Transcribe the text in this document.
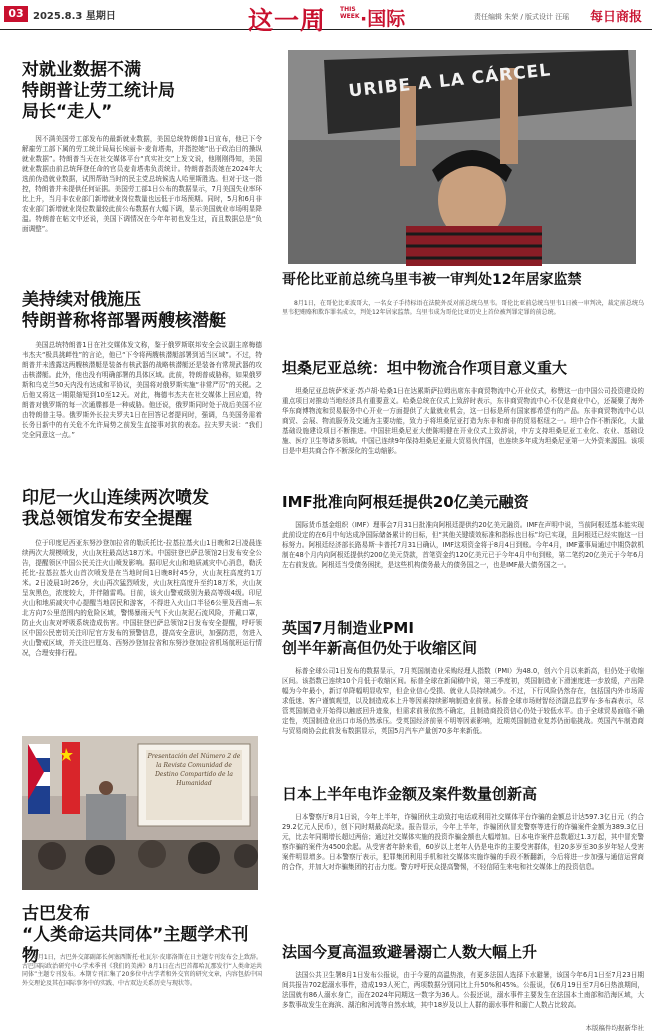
03 2025.8.3 星期日	这一周 THIS WEEK ·国际	责任编辑 朱荣 / 版式设计 汪瑶 每日商报
对就业数据不满
特朗普让劳工统计局
局长“走人”
因不满美国劳工部发布的最新就业数据，美国总统特朗普1日宣布，他已下令解雇劳工部下属的劳工统计局局长埃丽卡·麦肯塔弗，并指控她“出于政治目的操纵就业数据”。特朗普当天在社交媒体平台“真实社交”上发文说，他刚刚得知，美国就业数据由前总统拜登任命的官员麦肯塔弗负责统计。特朗普指责她在2024年大选前伪造就业数据，试图帮助当时的民主党总统候选人哈里斯胜选。但对于这一指控，特朗普并未提供任何证据。美国劳工部1日公布的数据显示，7月美国失业率环比上升，当月非农业部门新增就业岗位数量也远低于市场预期。同时，5月和6月非农业部门新增就业岗位数量较此前公布数据有大幅下调，显示美国就业市场明显降温。特朗普在帖文中还说，美国下调情况在今年年初也发生过，而且数据总是“负面调整”。
美持续对俄施压
特朗普称将部署两艘核潜艇
美国总统特朗普1日在社交媒体发文称，鉴于俄罗斯联邦安全会议副主席梅德韦杰夫“极具挑衅性”的言论，他已“下令将两艘核潜艇部署到适当区域”。不过，特朗普并未透露这两艘核潜艇是装备有核武器的战略核潜艇还是装备有常规武器的攻击核潜艇。此外，他也没有明确部署的具体区域。此前，特朗普威胁称，如果俄罗斯和乌克兰50天内没有达成和平协议，美国将对俄罗斯实施“非常严厉”的关税。之后他又将这一期限缩短到10至12天。对此，梅德韦杰夫在社交媒体上回应道，特朗普对俄罗斯的每一次通牒都是一种威胁。他还说，俄罗斯同时处于战后美国不应由特朗普主导。俄罗斯外长拉夫罗夫1日在回答记者提问时，强调，乌美国务需着长务日新中的有关危不允许局势之前发生直接事对抗的表态。拉夫罗夫说：“我们完全同意这一点。”
印尼一火山连续两次喷发
我总领馆发布安全提醒
位于印度尼西亚东努沙登加拉省的勒沃托比-拉基拉基火山1日晚和2日凌晨连续两次大规模喷发，火山灰柱最高达18万米。中国驻登巴萨总领馆2日发布安全公告，提醒领区中国公民关注火山喷发影响。据印尼火山和地质减灾中心消息，勒沃托比-拉基拉基火山首次喷发是在当地时间1日晚8时45分，火山灰柱高度约1万米。2日凌晨1时26分，火山再次猛烈喷发，火山灰柱高度升至约18万米，火山灰呈灰黑色，浓度较大，并伴随雷鸣。目前，该火山警戒级别为最高等级4级。印尼火山和地质减灾中心提醒当地居民和游客，不得进入火山口半径6公里及西南—东北方向7公里范围内的危险区域，警惕暴雨天气下火山灰泥石流风险，并戴口罩，防止火山灰对呼吸系统造成伤害。中国驻登巴萨总领馆2日发布安全提醒，呼吁领区中国公民密切关注印尼官方发布的预警信息，提高安全意识，加强防范，勿进入火山警戒区域，并关注巴厘岛、西努沙登加拉省和东努沙登加拉省机场航班运行情况，合理安排行程。
Presentación del Número 2 de la Revista Comunidad de Destino Compartido de la Humanidad
古巴发布
“人类命运共同体”主题学术刊物
8月1日，古巴外交部副部长何塞西斯托·杜瓦尔·皮耶洛斯在日主题专刊发布会上致辞。古巴国际政治研究中心学术季刊《我们的美洲》8月1日在古巴首都哈瓦那发行“人类命运共同体”主题专刊发布。本期专刊汇集了20多位中古学者和外交官的研究文章，内容包括中国外交理论及其在国际事务中的实践、中古双边关系历史与现状等。
URIBE A LA CÁRCEL
哥伦比亚前总统乌里韦被一审判处12年居家监禁
8月1日，在哥伦比亚波哥大，一名女子手持标语在法院外反对前总统乌里韦。哥伦比亚前总统乌里韦1日被一审判决，裁定前总统乌里韦犯贿赂和欺诈罪名成立，判处12年居家监禁。乌里韦成为哥伦比亚历史上首位被判罪定罪的前总统。
坦桑尼亚总统：坦中物流合作项目意义重大
坦桑尼亚总统萨米亚·苏卢胡·哈桑1日在达累斯萨拉姆出席东非商贸物流中心开业仪式，称赞这一由中国公司投资建设的重点项目对推动当地经济具有重要意义。哈桑总统在仪式上致辞时表示，东非商贸物流中心不仅是商业中心，还凝聚了海外华东商博物流和贸易服务中心开业一方面提供了大量就业机会，这一目标是所有国家都希望有的产品。东非商贸物流中心以商贸、会展、物流服务及交通为主要功能，致力于将坦桑尼亚打造为东非和南非的贸易枢纽之一。坦中合作不断深化，大量基础设施建设项目不断推进。中国驻坦桑尼亚大使陈明健在开业仪式上致辞说，中方支持坦桑尼亚工业化、农业、基础设施、医疗卫生等诸多领域。中国已连续9年保持坦桑尼亚最大贸易伙伴国，也连续多年成为坦桑尼亚第一大外资来源国。该项目是中坦共商合作不断深化的生动缩影。
IMF批准向阿根廷提供20亿美元融资
国际货币基金组织（IMF）理事会7月31日批准向阿根廷提供约20亿美元融资。IMF在声明中说，当前阿根廷基本能实现此前设定的在6月中旬达成净国际储备累计的目标，但“其他关键绩效标准和指标也目标”均已实现，且阿根廷已经实施这一目标努力。阿根廷经济部长路易斯·卡普托7月31日确认，IMF这项资金将于8月4日到账。今年4月，IMF董事局通过中期贷款机制在48个月内向阿根廷提供约200亿美元贷款，首笔资金约120亿美元已于今年4月中旬到账，第二笔约20亿美元于今年6月左右前发放。阿根廷当受债务困扰，是这些机构债务最大的债务国之一，也是IMF最大债务国之一。
英国7月制造业PMI
创半年新高但仍处于收缩区间
标普全球公司1日发布的数据显示，7月英国制造业采购经理人指数（PMI）为48.0，创六个月以来新高，但仍处于收缩区间。该指数已连续10个月低于收缩区间。标普全球在新闻稿中说，第三季度初，英国制造业下滑速度进一步放缓，产出降幅为今年最小，新订单降幅明显收窄，但企业信心受损、就业人员持续减少。不过，下行风险仍然存在，包括国内外市场需求低迷、客户谨慎观望，以及制造成本上升等因素持续影响制造业前景。标普全球市场财智经济副总监罗布·多布森表示，尽管英国制造业开始得以触底回升迹象，但需求前景依然不确定，且制造商投资信心仍处于较低水平。由于全球贸易面临不确定性，英国制造业出口市场仍然承压。受英国经济前景不明等因素影响，近期英国制造业复苏仍面临挑战。英国汽车制造商与贸易商协会此前发布数据显示，英国5月汽车产量创70多年来新低。
日本上半年电诈金额及案件数量创新高
日本警察厅8月1日说，今年上半年，诈骗团伙主动致打电话或利用社交媒体平台诈骗的金额总计达597.3亿日元（约合29.2亿元人民币），创下同时期最高纪录。报告显示，今年上半年，诈骗团伙冒充警察等进行的诈骗案件金额为389.3亿日元，比去年同期增长超过两倍；通过社交媒体实施的投资诈骗金额也大幅增加。日本电诈案件总数超过1.3万起，其中冒充警察诈骗的案件为4500余起。从受害者年龄来看，60岁以上老年人仍是电诈的主要受害群体，但20多岁至30多岁年轻人受害案件明显增多。日本警察厅表示，犯罪集团利用手机和社交媒体实施诈骗的手段不断翻新，今后将进一步加强与通信运营商的合作，并加大对诈骗集团的打击力度。警方呼吁民众提高警惕，不轻信陌生来电和社交媒体上的投资信息。
法国今夏高温致避暑溺亡人数大幅上升
法国公共卫生署8月1日发布公报说，由于今夏的高温热浪，有更多法国人选择下水避暑，该国今年6月1日至7月23日期间共报告702起溺水事件，造成193人死亡，两项数据分别同比上升50%和45%。公报说，仅6月19日至7月6日热浪期间，法国就有86人溺水身亡，而在2024年同期这一数字为36人。公报还说，溺水事件主要发生在法国本土南部和沿海区域，大多数事故发生在海滨、湖泊和河流等自然水域，其中18岁及以上人群的溺水事件和溺亡人数占比较高。
本版稿件均据新华社
